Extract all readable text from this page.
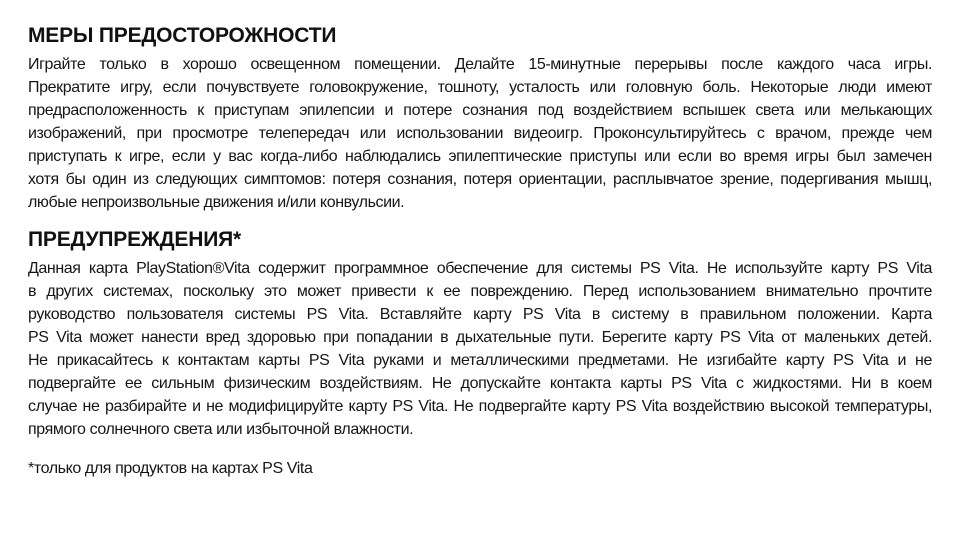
МЕРЫ ПРЕДОСТОРОЖНОСТИ
Играйте только в хорошо освещенном помещении. Делайте 15-минутные перерывы после каждого часа игры.
Прекратите игру, если почувствуете головокружение, тошноту, усталость или головную боль. Некоторые люди имеют
предрасположенность к приступам эпилепсии и потере сознания под воздействием вспышек света или мелькающих
изображений, при просмотре телепередач или использовании видеоигр. Проконсультируйтесь с врачом, прежде чем
приступать к игре, если у вас когда-либо наблюдались эпилептические приступы или если во время игры был замечен
хотя бы один из следующих симптомов: потеря сознания, потеря ориентации, расплывчатое зрение, подергивания мышц,
любые непроизвольные движения и/или конвульсии.
ПРЕДУПРЕЖДЕНИЯ*
Данная карта PlayStation®Vita содержит программное обеспечение для системы PS Vita. Не используйте карту PS Vita
в других системах, поскольку это может привести к ее повреждению. Перед использованием внимательно прочтите
руководство пользователя системы PS Vita. Вставляйте карту PS Vita в систему в правильном положении. Карта
PS Vita может нанести вред здоровью при попадании в дыхательные пути. Берегите карту PS Vita от маленьких детей.
Не прикасайтесь к контактам карты PS Vita руками и металлическими предметами. Не изгибайте карту PS Vita и не
подвергайте ее сильным физическим воздействиям. Не допускайте контакта карты PS Vita с жидкостями. Ни в коем
случае не разбирайте и не модифицируйте карту PS Vita. Не подвергайте карту PS Vita воздействию высокой температуры,
прямого солнечного света или избыточной влажности.
*только для продуктов на картах PS Vita
